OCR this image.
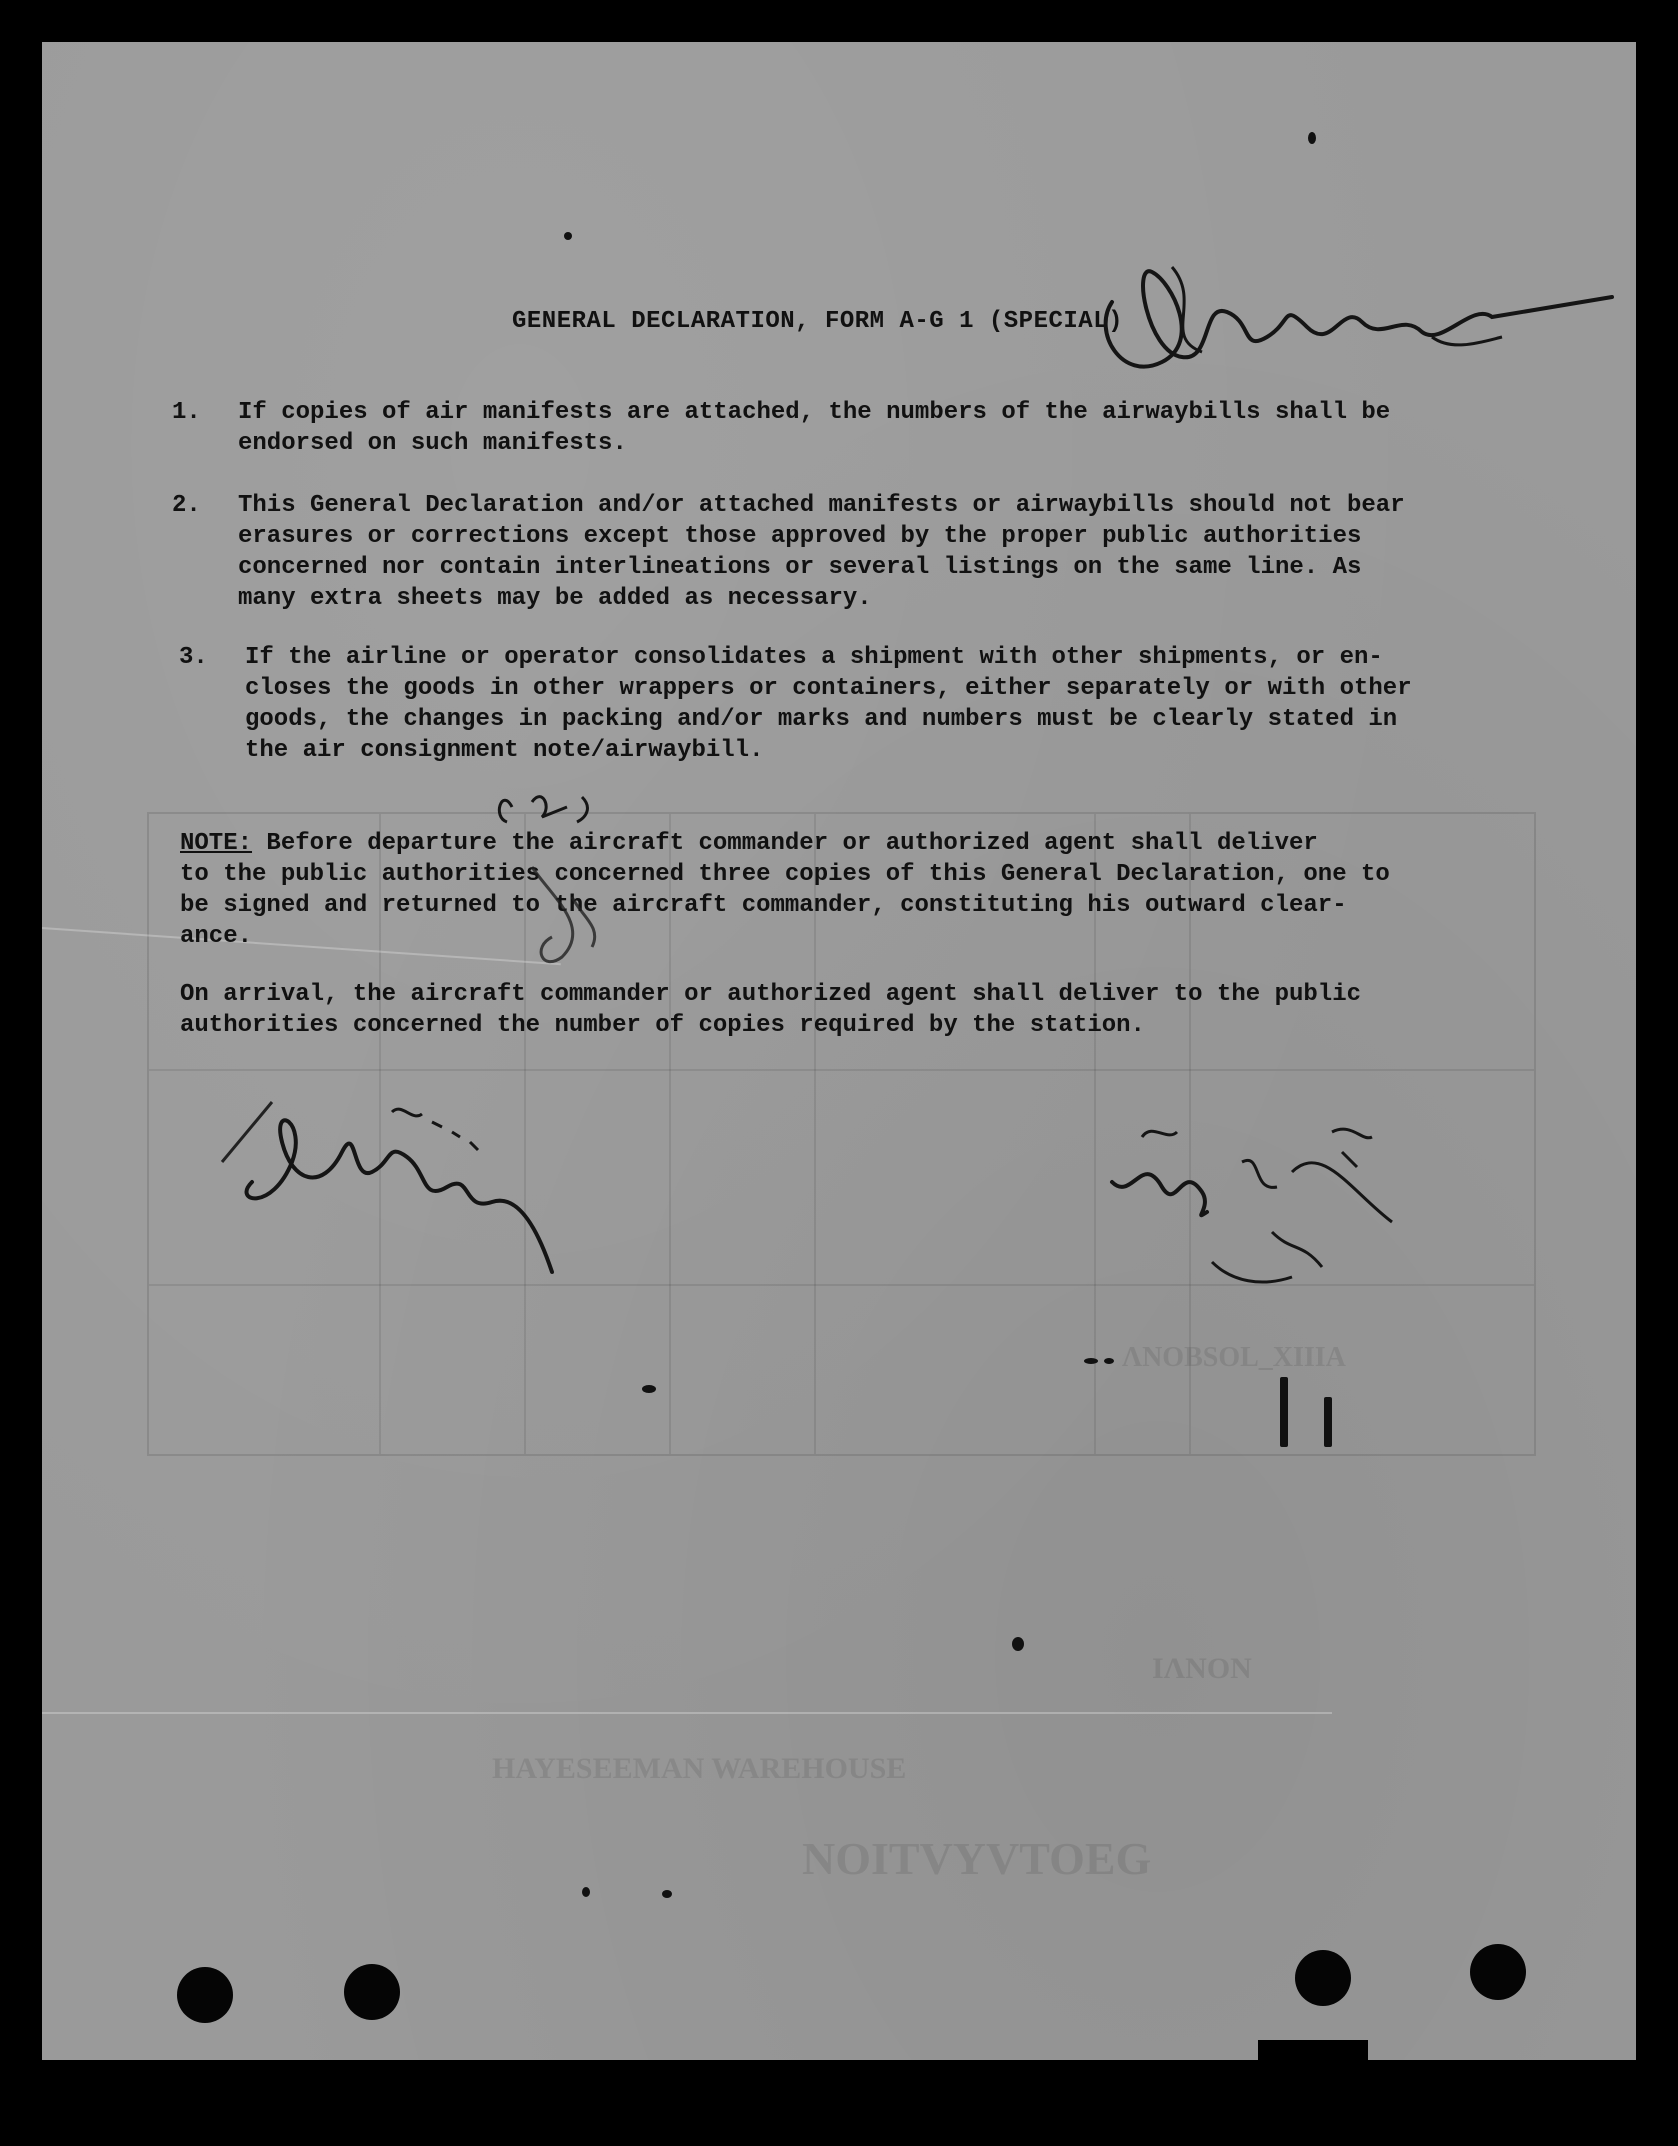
ΛNOBSOL_XIIIA
HAYESEEMAN WAREHOUSE
NOITVYVTOEG
IΛNON
GENERAL DECLARATION, FORM A-G 1 (SPECIAL)
1. If copies of air manifests are attached, the numbers of the airwaybills shall be
endorsed on such manifests.
2. This General Declaration and/or attached manifests or airwaybills should not bear
erasures or corrections except those approved by the proper public authorities
concerned nor contain interlineations or several listings on the same line. As
many extra sheets may be added as necessary.
3. If the airline or operator consolidates a shipment with other shipments, or en-
closes the goods in other wrappers or containers, either separately or with other
goods, the changes in packing and/or marks and numbers must be clearly stated in
the air consignment note/airwaybill.
NOTE: Before departure the aircraft commander or authorized agent shall deliver
to the public authorities concerned three copies of this General Declaration, one to
be signed and returned to the aircraft commander, constituting his outward clear-
ance.
On arrival, the aircraft commander or authorized agent shall deliver to the public
authorities concerned the number of copies required by the station.
